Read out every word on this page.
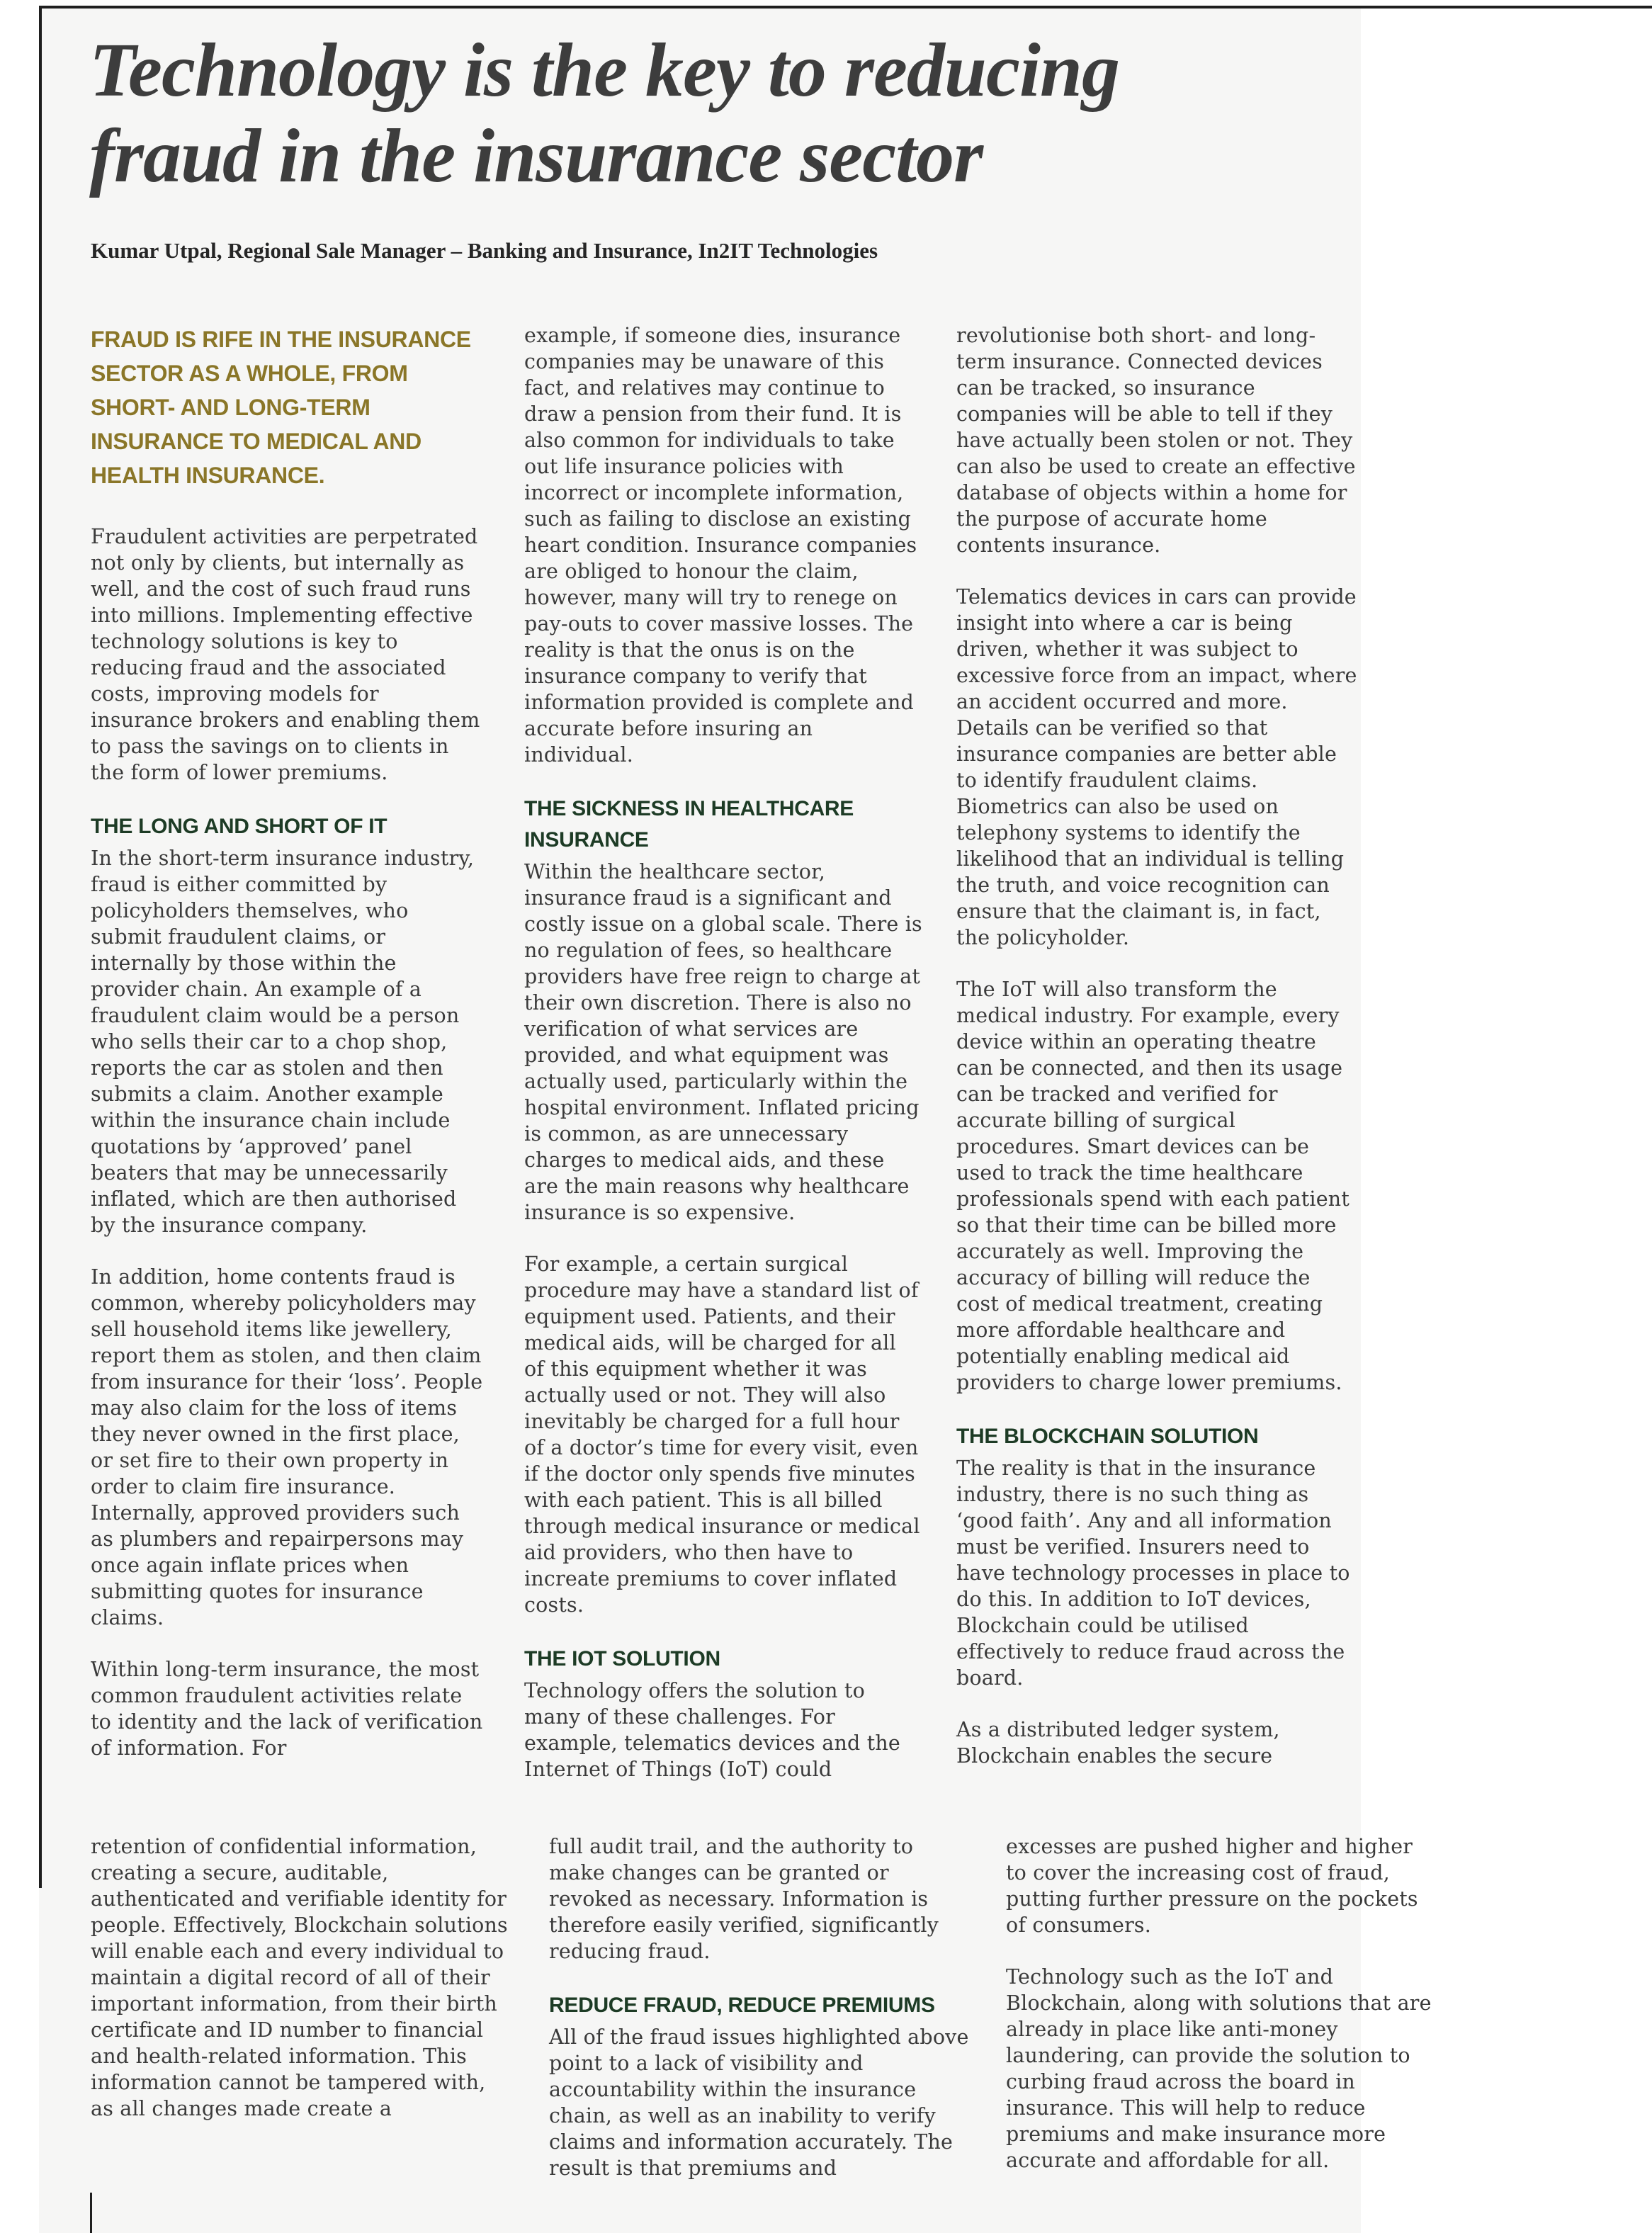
Technology is the key to reducing
fraud in the insurance sector
Kumar Utpal, Regional Sale Manager – Banking and Insurance, In2IT Technologies

FRAUD IS RIFE IN THE INSURANCE SECTOR AS A WHOLE, FROM SHORT- AND LONG-TERM INSURANCE TO MEDICAL AND HEALTH INSURANCE.

Fraudulent activities are perpetrated not only by clients, but internally as well, and the cost of such fraud runs into millions. Implementing effective technology solutions is key to reducing fraud and the associated costs, improving models for insurance brokers and enabling them to pass the savings on to clients in the form of lower premiums.

THE LONG AND SHORT OF IT

In the short-term insurance industry, fraud is either committed by policyholders themselves, who submit fraudulent claims, or internally by those within the provider chain. An example of a fraudulent claim would be a person who sells their car to a chop shop, reports the car as stolen and then submits a claim. Another example within the insurance chain include quotations by ‘approved’ panel beaters that may be unnecessarily inflated, which are then authorised by the insurance company.

In addition, home contents fraud is common, whereby policyholders may sell household items like jewellery, report them as stolen, and then claim from insurance for their ‘loss’. People may also claim for the loss of items they never owned in the first place, or set fire to their own property in order to claim fire insurance. Internally, approved providers such as plumbers and repairpersons may once again inflate prices when submitting quotes for insurance claims.

Within long-term insurance, the most common fraudulent activities relate to identity and the lack of verification of information. For

example, if someone dies, insurance companies may be unaware of this fact, and relatives may continue to draw a pension from their fund. It is also common for individuals to take out life insurance policies with incorrect or incomplete information, such as failing to disclose an existing heart condition. Insurance companies are obliged to honour the claim, however, many will try to renege on pay-outs to cover massive losses. The reality is that the onus is on the insurance company to verify that information provided is complete and accurate before insuring an individual.

THE SICKNESS IN HEALTHCARE INSURANCE

Within the healthcare sector, insurance fraud is a significant and costly issue on a global scale. There is no regulation of fees, so healthcare providers have free reign to charge at their own discretion. There is also no verification of what services are provided, and what equipment was actually used, particularly within the hospital environment. Inflated pricing is common, as are unnecessary charges to medical aids, and these are the main reasons why healthcare insurance is so expensive.

For example, a certain surgical procedure may have a standard list of equipment used. Patients, and their medical aids, will be charged for all of this equipment whether it was actually used or not. They will also inevitably be charged for a full hour of a doctor’s time for every visit, even if the doctor only spends five minutes with each patient. This is all billed through medical insurance or medical aid providers, who then have to increate premiums to cover inflated costs.

THE IOT SOLUTION

Technology offers the solution to many of these challenges. For example, telematics devices and the Internet of Things (IoT) could

revolutionise both short- and long-term insurance. Connected devices can be tracked, so insurance companies will be able to tell if they have actually been stolen or not. They can also be used to create an effective database of objects within a home for the purpose of accurate home contents insurance.

Telematics devices in cars can provide insight into where a car is being driven, whether it was subject to excessive force from an impact, where an accident occurred and more. Details can be verified so that insurance companies are better able to identify fraudulent claims. Biometrics can also be used on telephony systems to identify the likelihood that an individual is telling the truth, and voice recognition can ensure that the claimant is, in fact, the policyholder.

The IoT will also transform the medical industry. For example, every device within an operating theatre can be connected, and then its usage can be tracked and verified for accurate billing of surgical procedures. Smart devices can be used to track the time healthcare professionals spend with each patient so that their time can be billed more accurately as well. Improving the accuracy of billing will reduce the cost of medical treatment, creating more affordable healthcare and potentially enabling medical aid providers to charge lower premiums.

THE BLOCKCHAIN SOLUTION

The reality is that in the insurance industry, there is no such thing as ‘good faith’. Any and all information must be verified. Insurers need to have technology processes in place to do this. In addition to IoT devices, Blockchain could be utilised effectively to reduce fraud across the board.

As a distributed ledger system, Blockchain enables the secure

retention of confidential information, creating a secure, auditable, authenticated and verifiable identity for people. Effectively, Blockchain solutions will enable each and every individual to maintain a digital record of all of their important information, from their birth certificate and ID number to financial and health-related information. This information cannot be tampered with, as all changes made create a

full audit trail, and the authority to make changes can be granted or revoked as necessary. Information is therefore easily verified, significantly reducing fraud.

REDUCE FRAUD, REDUCE PREMIUMS

All of the fraud issues highlighted above point to a lack of visibility and accountability within the insurance chain, as well as an inability to verify claims and information accurately. The result is that premiums and

excesses are pushed higher and higher to cover the increasing cost of fraud, putting further pressure on the pockets of consumers.

Technology such as the IoT and Blockchain, along with solutions that are already in place like anti-money laundering, can provide the solution to curbing fraud across the board in insurance. This will help to reduce premiums and make insurance more accurate and affordable for all.
